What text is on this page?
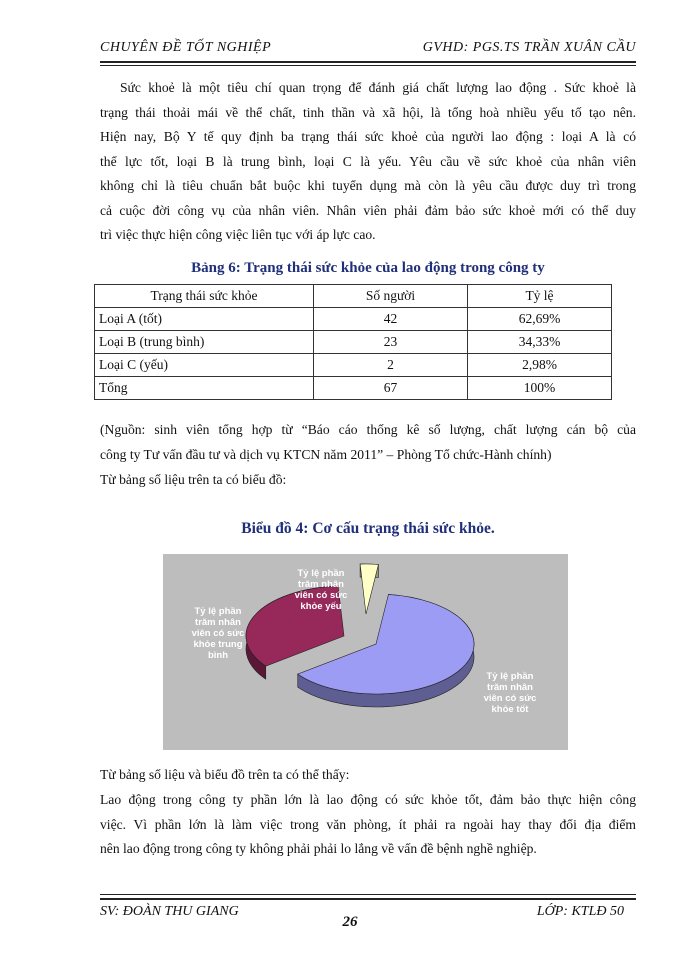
CHUYÊN ĐỀ TỐT NGHIỆP	GVHD: PGS.TS TRẦN XUÂN CẦU
Sức khoẻ là một tiêu chí quan trọng để đánh giá chất lượng lao động . Sức khoẻ là
trạng thái thoải mái về thể chất, tinh thần và xã hội, là tổng hoà nhiều yếu tố tạo nên.
Hiện nay, Bộ Y tế quy định ba trạng thái sức khoẻ của người lao động : loại A là có
thể lực tốt, loại B là trung bình, loại C là yếu. Yêu cầu về sức khoẻ của nhân viên
không chỉ là tiêu chuẩn bắt buộc khi tuyển dụng mà còn là yêu cầu được duy trì trong
cả cuộc đời công vụ của nhân viên. Nhân viên phải đảm bảo sức khoẻ mới có thể duy
trì việc thực hiện công việc liên tục với áp lực cao.
Bảng 6: Trạng thái sức khỏe của lao động trong công ty
Trạng thái sức khỏe	Số người	Tỷ lệ
Loại A (tốt)	42	62,69%
Loại B (trung bình)	23	34,33%
Loại C (yếu)	2	2,98%
Tổng	67	100%
(Nguồn: sinh viên tổng hợp từ “Báo cáo thống kê số lượng, chất lượng cán bộ của
công ty Tư vấn đầu tư và dịch vụ KTCN năm 2011” – Phòng Tổ chức-Hành chính)
Từ bảng số liệu trên ta có biểu đồ:
Biểu đồ 4: Cơ cấu trạng thái sức khỏe.
Tỷ lệ phần trăm nhân viên có sức khỏe tốt
Tỷ lệ phần trăm nhân viên có sức khỏe trung bình
Tỷ lệ phần trăm nhân viên có sức khỏe yếu
Từ bảng số liệu và biểu đồ trên ta có thể thấy:
Lao động trong công ty phần lớn là lao động có sức khỏe tốt, đảm bảo thực hiện công
việc. Vì phần lớn là làm việc trong văn phòng, ít phải ra ngoài hay thay đổi địa điểm
nên lao động trong công ty không phải phải lo lắng về vấn đề bệnh nghề nghiệp.
SV: ĐOÀN THU GIANG
26
LỚP: KTLĐ 50
